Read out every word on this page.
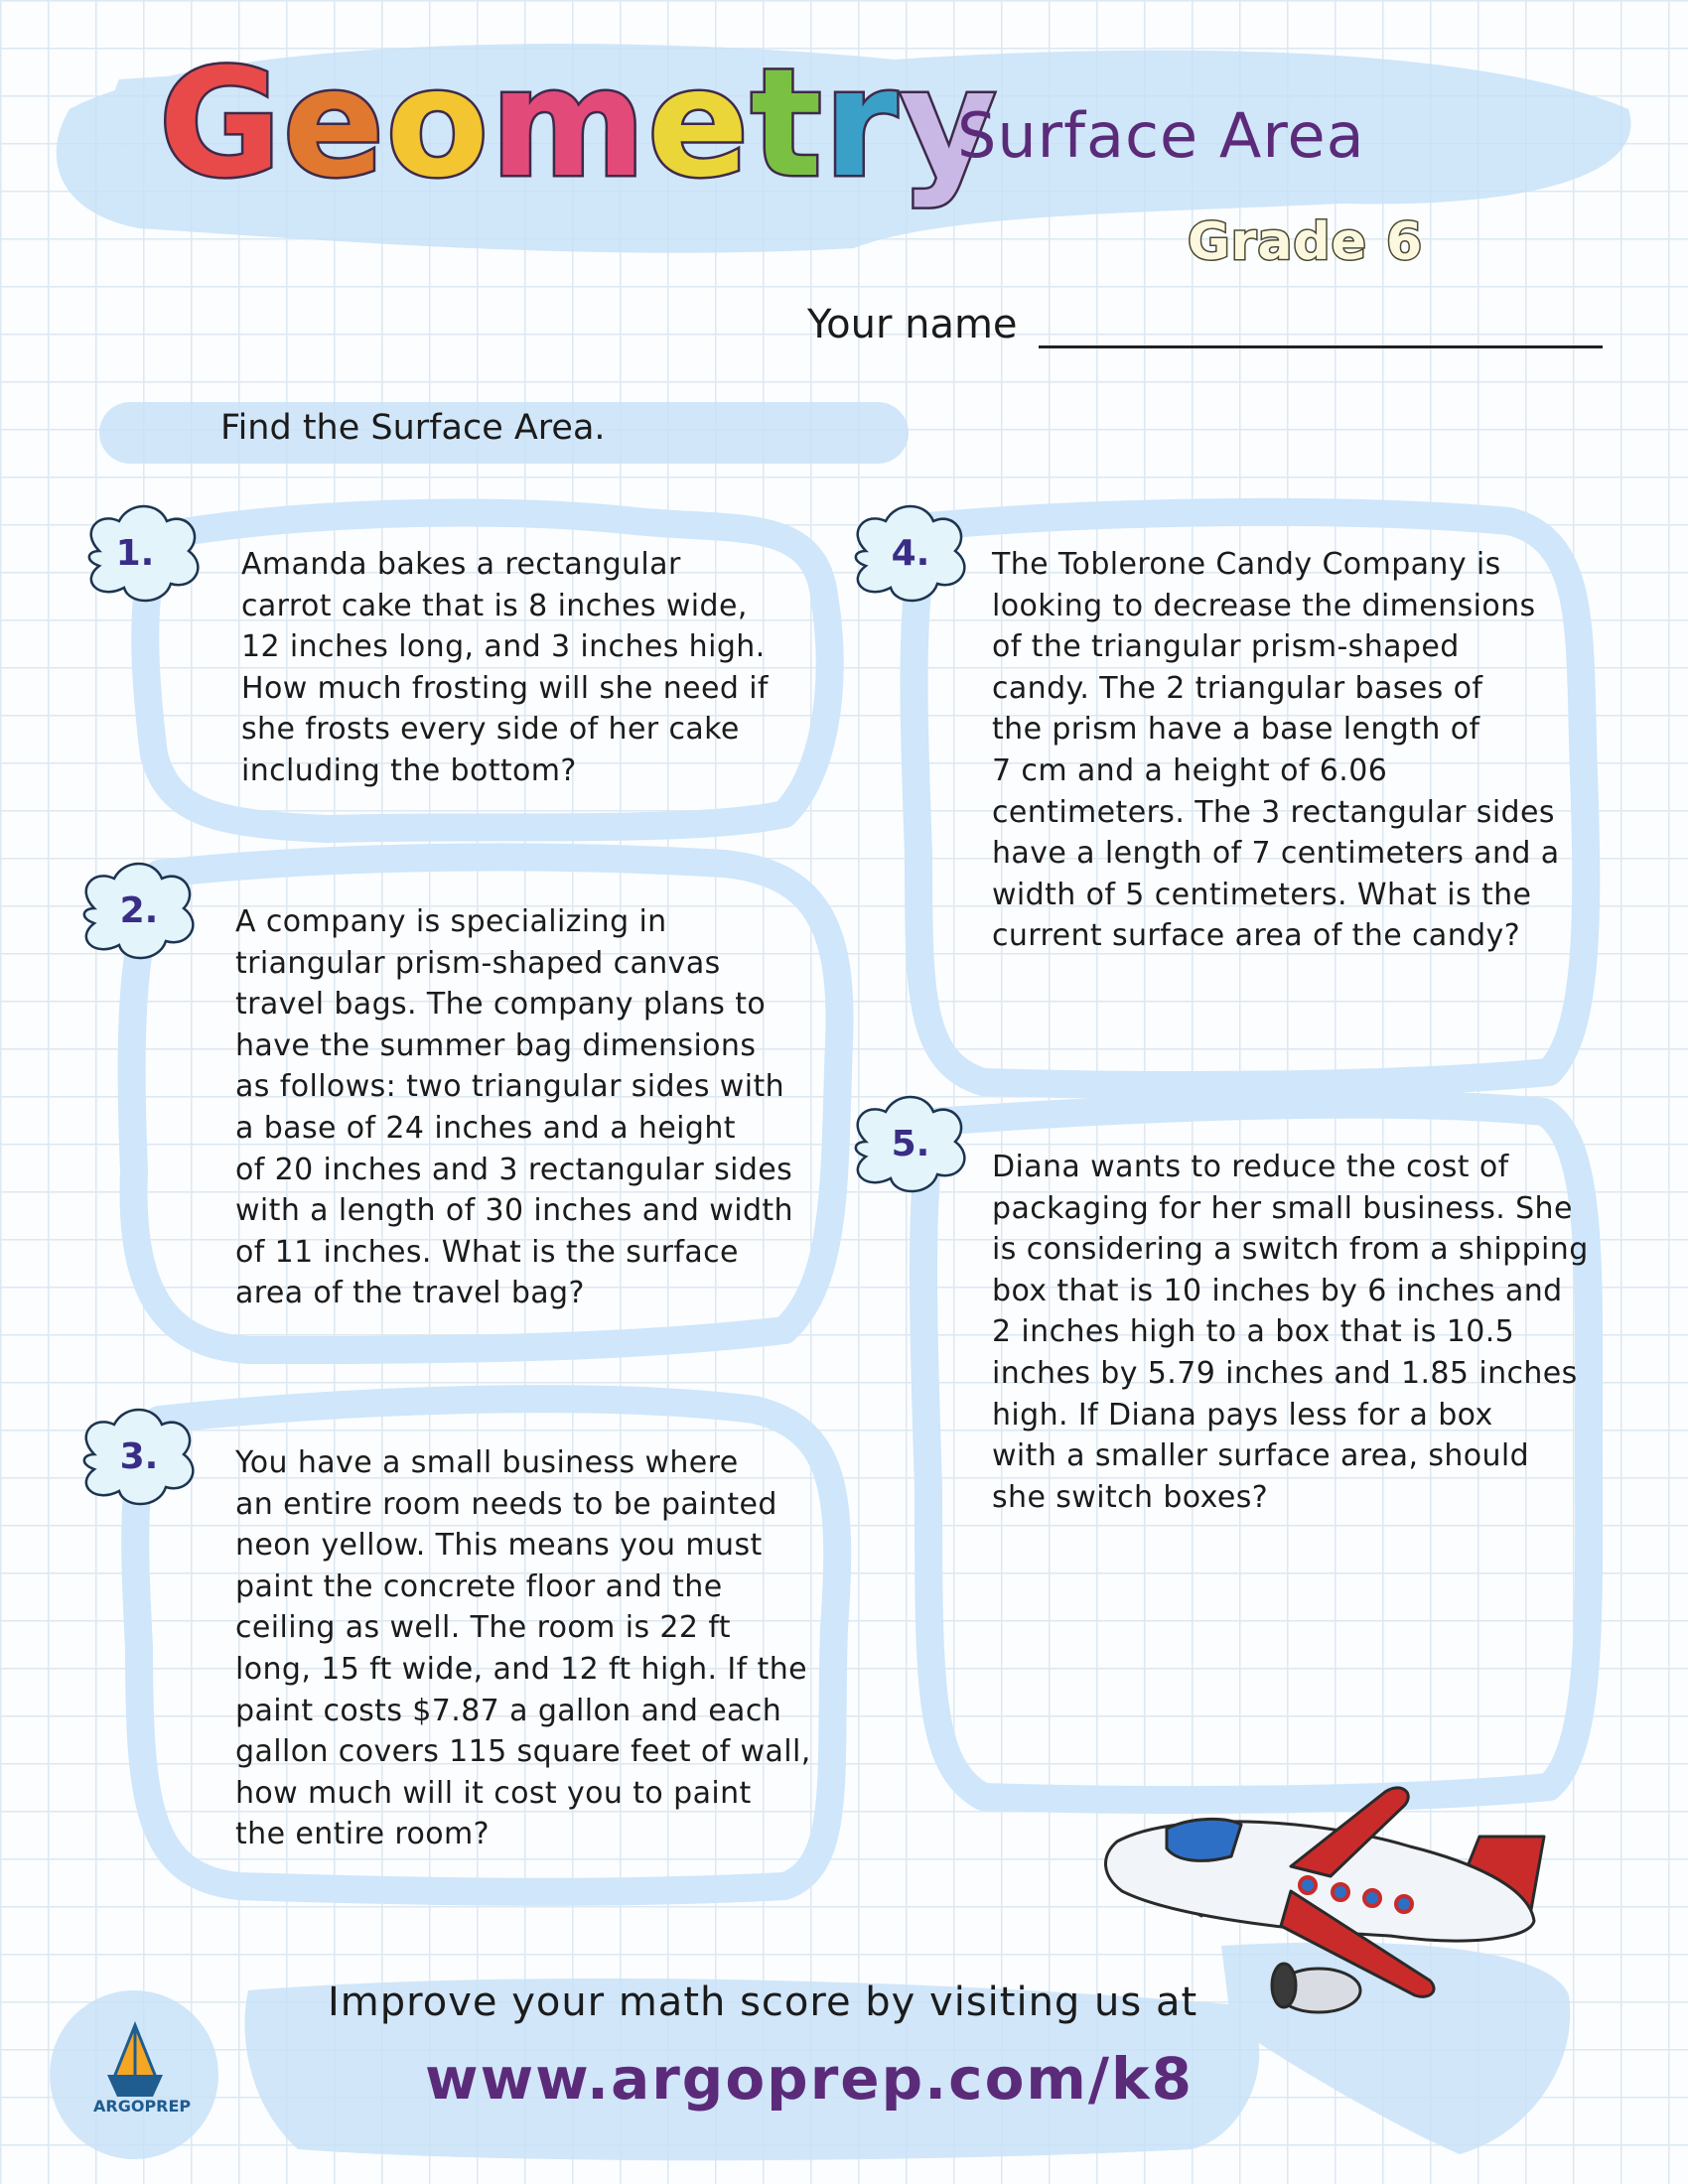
Geometry
Surface Area
Grade 6
Your name
Find the Surface Area.
1.
2.
3.
4.
5.
Amanda bakes a rectangular
carrot cake that is 8 inches wide,
12 inches long, and 3 inches high.
How much frosting will she need if
she frosts every side of her cake
including the bottom?
A company is specializing in
triangular prism-shaped canvas
travel bags. The company plans to
have the summer bag dimensions
as follows: two triangular sides with
a base of 24 inches and a height
of 20 inches and 3 rectangular sides
with a length of 30 inches and width
of 11 inches. What is the surface
area of the travel bag?
You have a small business where
an entire room needs to be painted
neon yellow. This means you must
paint the concrete floor and the
ceiling as well. The room is 22 ft
long, 15 ft wide, and 12 ft high. If the
paint costs $7.87 a gallon and each
gallon covers 115 square feet of wall,
how much will it cost you to paint
the entire room?
The Toblerone Candy Company is
looking to decrease the dimensions
of the triangular prism-shaped
candy. The 2 triangular bases of
the prism have a base length of
7 cm and a height of 6.06
centimeters. The 3 rectangular sides
have a length of 7 centimeters and a
width of 5 centimeters. What is the
current surface area of the candy?
Diana wants to reduce the cost of
packaging for her small business. She
is considering a switch from a shipping
box that is 10 inches by 6 inches and
2 inches high to a box that is 10.5
inches by 5.79 inches and 1.85 inches
high. If Diana pays less for a box
with a smaller surface area, should
she switch boxes?
Improve your math score by visiting us at
www.argoprep.com/k8
ARGOPREP
